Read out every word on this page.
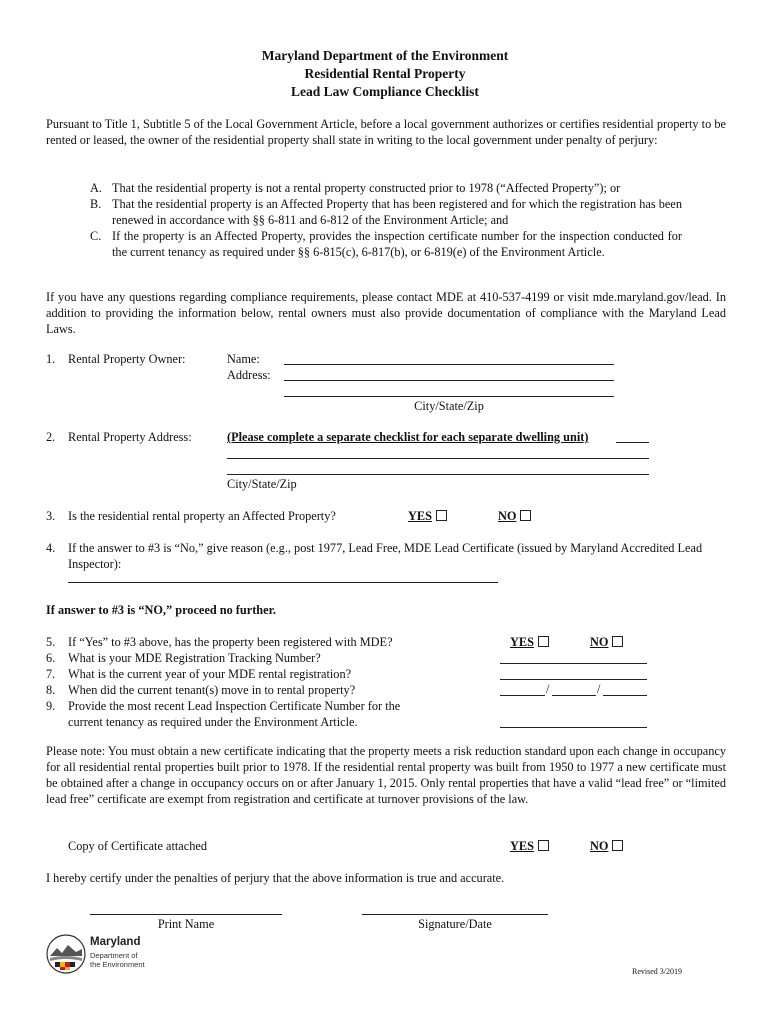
Maryland Department of the Environment
Residential Rental Property
Lead Law Compliance Checklist
Pursuant to Title 1, Subtitle 5 of the Local Government Article, before a local government authorizes or certifies residential property to be rented or leased, the owner of the residential property shall state in writing to the local government under penalty of perjury:
A. That the residential property is not a rental property constructed prior to 1978 (“Affected Property”); or
B. That the residential property is an Affected Property that has been registered and for which the registration has been renewed in accordance with §§ 6-811 and 6-812 of the Environment Article; and
C. If the property is an Affected Property, provides the inspection certificate number for the inspection conducted for the current tenancy as required under §§ 6-815(c), 6-817(b), or 6-819(e) of the Environment Article.
If you have any questions regarding compliance requirements, please contact MDE at 410-537-4199 or visit mde.maryland.gov/lead. In addition to providing the information below, rental owners must also provide documentation of compliance with the Maryland Lead Laws.
1. Rental Property Owner:	Name:
Address:
City/State/Zip
2. Rental Property Address:	(Please complete a separate checklist for each separate dwelling unit)
City/State/Zip
3. Is the residential rental property an Affected Property?	YES	NO
4.	If the answer to #3 is “No,” give reason (e.g., post 1977, Lead Free, MDE Lead Certificate (issued by Maryland Accredited Lead Inspector):
If answer to #3 is “NO,” proceed no further.
5. If “Yes” to #3 above, has the property been registered with MDE?	YES	NO
6. What is your MDE Registration Tracking Number?
7. What is the current year of your MDE rental registration?
8. When did the current tenant(s) move in to rental property?	/	/
9. Provide the most recent Lead Inspection Certificate Number for the
current tenancy as required under the Environment Article.
Please note: You must obtain a new certificate indicating that the property meets a risk reduction standard upon each change in occupancy for all residential rental properties built prior to 1978. If the residential rental property was built from 1950 to 1977 a new certificate must be obtained after a change in occupancy occurs on or after January 1, 2015. Only rental properties that have a valid “lead free” or “limited lead free” certificate are exempt from registration and certificate at turnover provisions of the law.
Copy of Certificate attached	YES	NO
I hereby certify under the penalties of perjury that the above information is true and accurate.
Print Name	Signature/Date
Maryland
Department of
the Environment
Revised 3/2019
